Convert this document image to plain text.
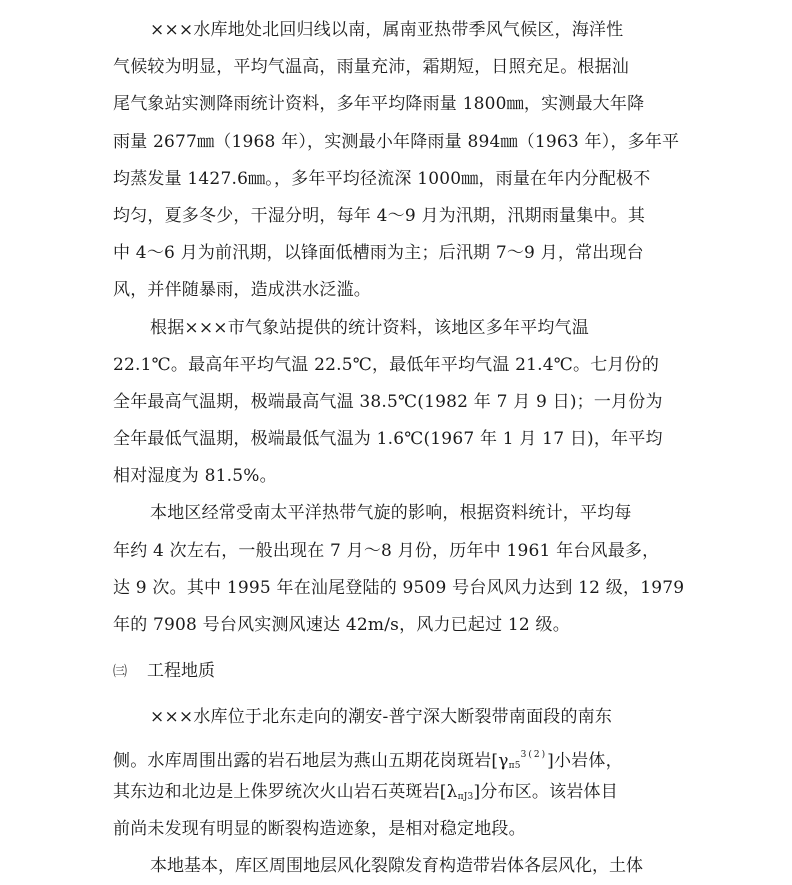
×××水库地处北回归线以南，属南亚热带季风气候区，海洋性

气候较为明显，平均气温高，雨量充沛，霜期短，日照充足。根据汕

尾气象站实测降雨统计资料，多年平均降雨量 1800㎜，实测最大年降

雨量 2677㎜（1968 年），实测最小年降雨量 894㎜（1963 年），多年平

均蒸发量 1427.6㎜。，多年平均径流深 1000㎜，雨量在年内分配极不

均匀，夏多冬少，干湿分明，每年 4～9 月为汛期，汛期雨量集中。其

中 4～6 月为前汛期，以锋面低槽雨为主；后汛期 7～9 月，常出现台

风，并伴随暴雨，造成洪水泛滥。

根据×××市气象站提供的统计资料，该地区多年平均气温

22.1℃。最高年平均气温 22.5℃，最低年平均气温 21.4℃。七月份的

全年最高气温期，极端最高气温 38.5℃(1982 年 7 月 9 日)；一月份为

全年最低气温期，极端最低气温为 1.6℃(1967 年 1 月 17 日)，年平均

相对湿度为 81.5%。

本地区经常受南太平洋热带气旋的影响，根据资料统计，平均每

年约 4 次左右，一般出现在 7 月～8 月份，历年中 1961 年台风最多，

达 9 次。其中 1995 年在汕尾登陆的 9509 号台风风力达到 12 级，1979

年的 7908 号台风实测风速达 42m/s，风力已起过 12 级。

㈢ 工程地质

×××水库位于北东走向的潮安-普宁深大断裂带南面段的南东

侧。水库周围出露的岩石地层为燕山五期花岗斑岩$[\gamma_{\pi 5}^{3(2)}]$小岩体，

其东边和北边是上侏罗统次火山岩石英斑岩$[\lambda_{\pi J3}]$分布区。该岩体目

前尚未发现有明显的断裂构造迹象，是相对稳定地段。

本地基本，库区周围地层风化裂隙发育构造带岩体各层风化，土体
